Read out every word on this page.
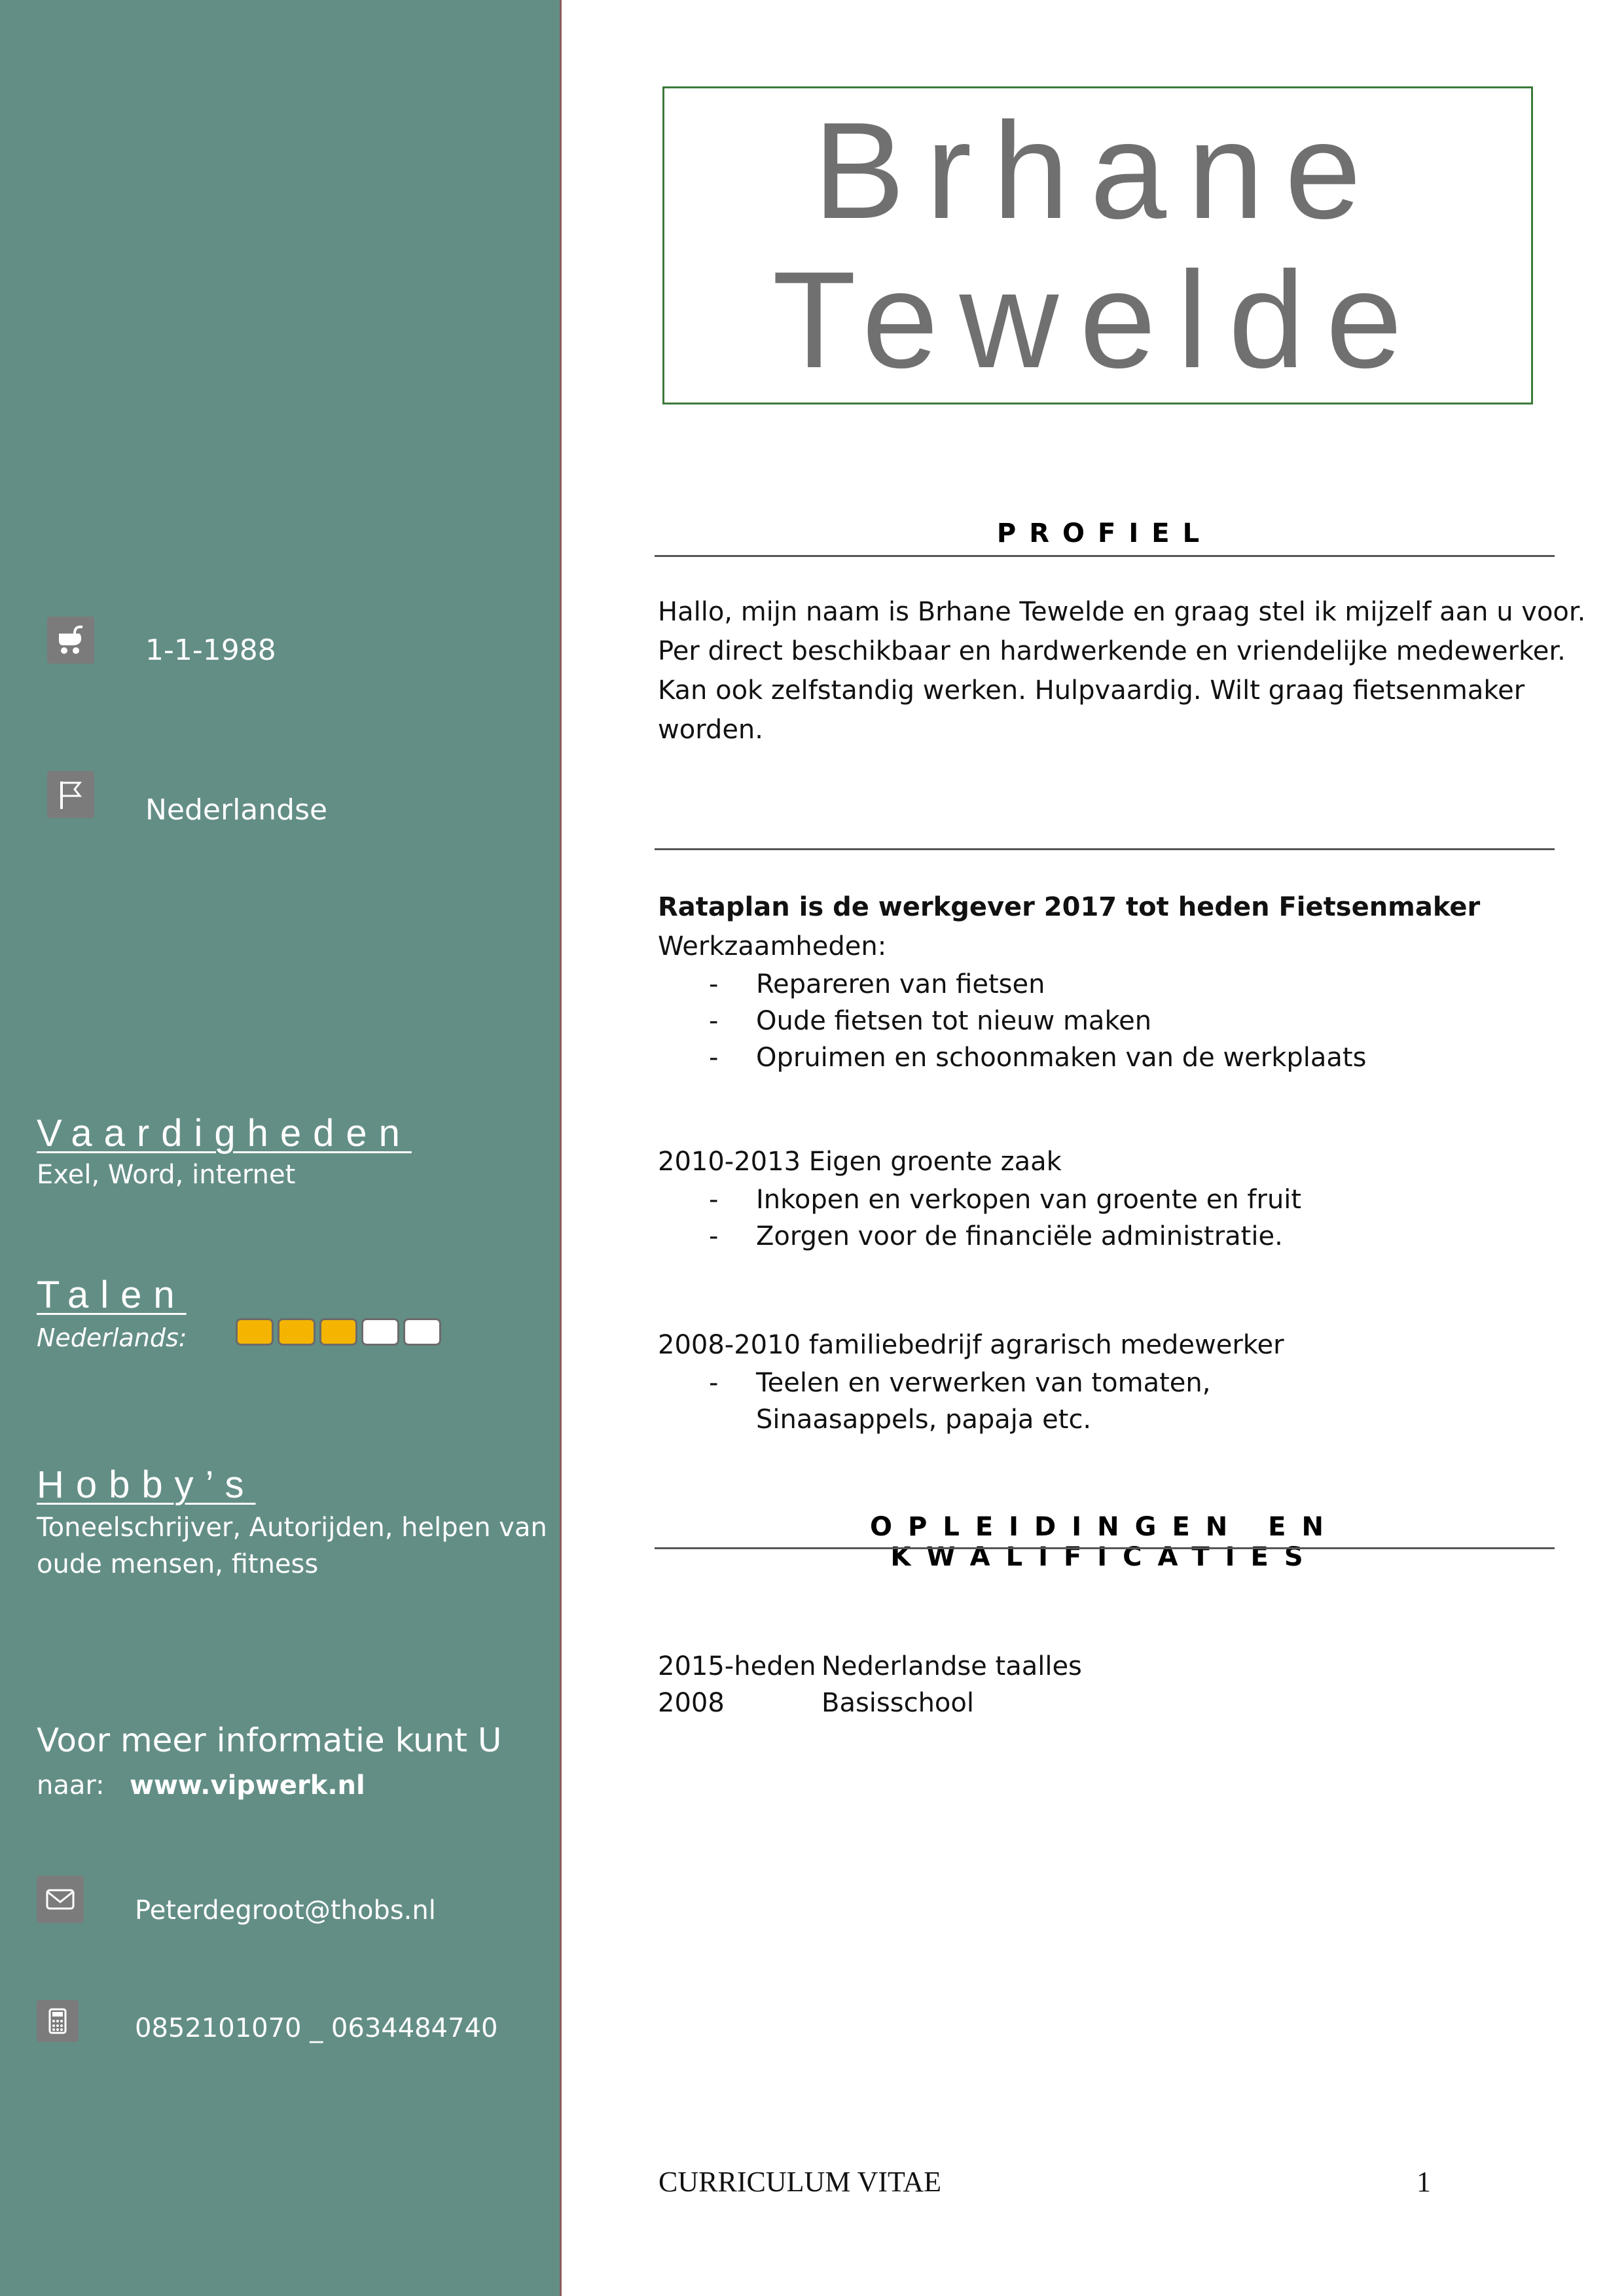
1-1-1988
Nederlandse
Vaardigheden
Exel, Word, internet
Talen
Nederlands:
Hobby’s
Toneelschrijver, Autorijden, helpen van
oude mensen, fitness
Voor meer informatie kunt U
naar: www.vipwerk.nl
Peterdegroot@thobs.nl
0852101070 _ 0634484740
Brhane
Tewelde
PROFIEL
Hallo, mijn naam is Brhane Tewelde en graag stel ik mijzelf aan u voor.
Per direct beschikbaar en hardwerkende en vriendelijke medewerker.
Kan ook zelfstandig werken. Hulpvaardig. Wilt graag fietsenmaker
worden.
Rataplan is de werkgever 2017 tot heden Fietsenmaker
Werkzaamheden:
- Repareren van fietsen
- Oude fietsen tot nieuw maken
- Opruimen en schoonmaken van de werkplaats
2010-2013 Eigen groente zaak
- Inkopen en verkopen van groente en fruit
- Zorgen voor de financiële administratie.
2008-2010 familiebedrijf agrarisch medewerker
- Teelen en verwerken van tomaten,
Sinaasappels, papaja etc.
OPLEIDINGEN EN KWALIFICATIES
2015-heden Nederlandse taalles
2008	Basisschool
CURRICULUM VITAE	1
